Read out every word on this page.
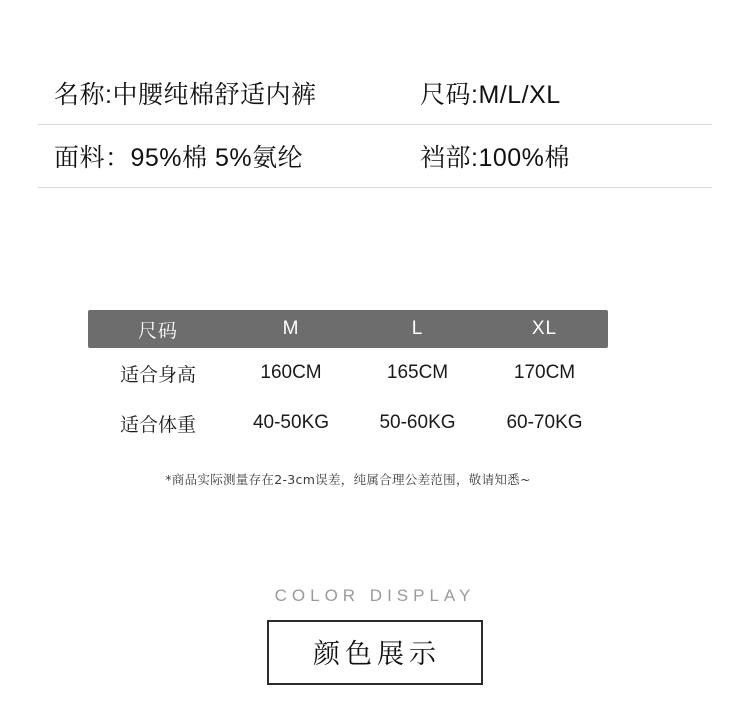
名称:中腰纯棉舒适内裤	尺码:M/L/XL
面料：95%棉 5%氨纶	裆部:100%棉
尺码	M	L	XL
适合身高	160CM	165CM	170CM
适合体重	40-50KG	50-60KG	60-70KG
*商品实际测量存在2-3cm误差，纯属合理公差范围，敬请知悉~
COLOR DISPLAY
颜色展示
